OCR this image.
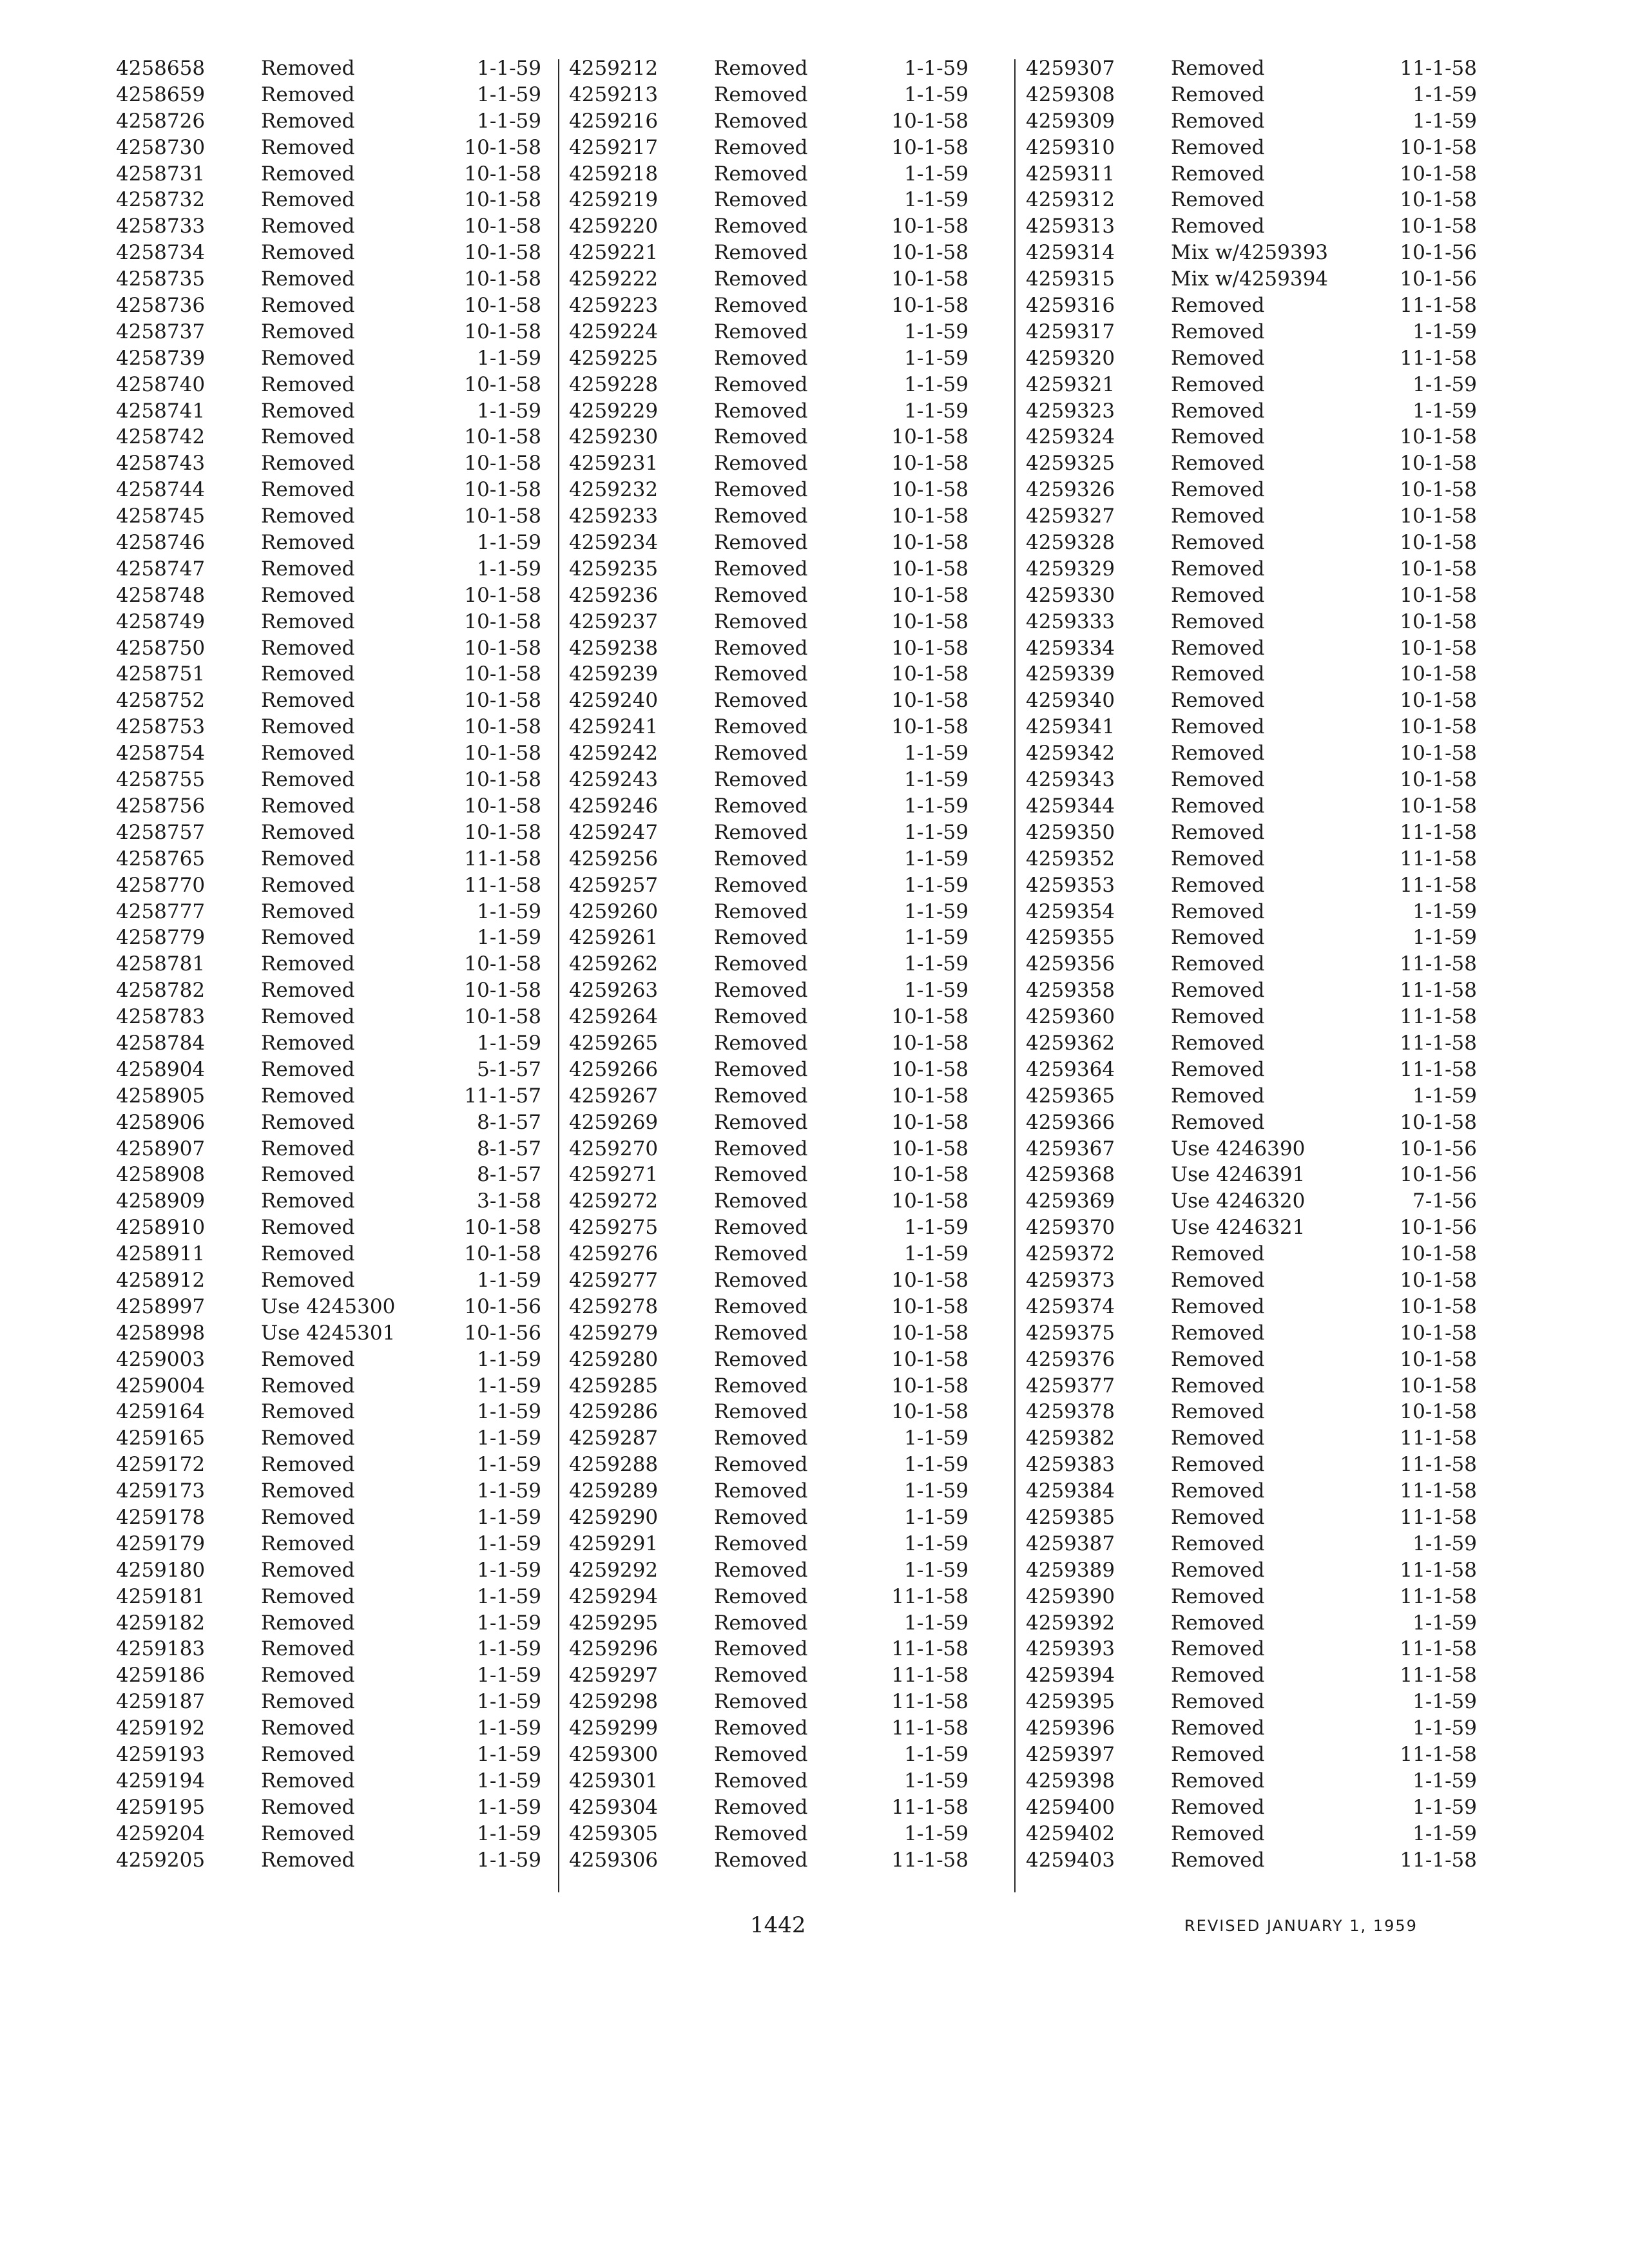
4258658	Removed	1-1-59
4258659	Removed	1-1-59
4258726	Removed	1-1-59
4258730	Removed	10-1-58
4258731	Removed	10-1-58
4258732	Removed	10-1-58
4258733	Removed	10-1-58
4258734	Removed	10-1-58
4258735	Removed	10-1-58
4258736	Removed	10-1-58
4258737	Removed	10-1-58
4258739	Removed	1-1-59
4258740	Removed	10-1-58
4258741	Removed	1-1-59
4258742	Removed	10-1-58
4258743	Removed	10-1-58
4258744	Removed	10-1-58
4258745	Removed	10-1-58
4258746	Removed	1-1-59
4258747	Removed	1-1-59
4258748	Removed	10-1-58
4258749	Removed	10-1-58
4258750	Removed	10-1-58
4258751	Removed	10-1-58
4258752	Removed	10-1-58
4258753	Removed	10-1-58
4258754	Removed	10-1-58
4258755	Removed	10-1-58
4258756	Removed	10-1-58
4258757	Removed	10-1-58
4258765	Removed	11-1-58
4258770	Removed	11-1-58
4258777	Removed	1-1-59
4258779	Removed	1-1-59
4258781	Removed	10-1-58
4258782	Removed	10-1-58
4258783	Removed	10-1-58
4258784	Removed	1-1-59
4258904	Removed	5-1-57
4258905	Removed	11-1-57
4258906	Removed	8-1-57
4258907	Removed	8-1-57
4258908	Removed	8-1-57
4258909	Removed	3-1-58
4258910	Removed	10-1-58
4258911	Removed	10-1-58
4258912	Removed	1-1-59
4258997	Use 4245300	10-1-56
4258998	Use 4245301	10-1-56
4259003	Removed	1-1-59
4259004	Removed	1-1-59
4259164	Removed	1-1-59
4259165	Removed	1-1-59
4259172	Removed	1-1-59
4259173	Removed	1-1-59
4259178	Removed	1-1-59
4259179	Removed	1-1-59
4259180	Removed	1-1-59
4259181	Removed	1-1-59
4259182	Removed	1-1-59
4259183	Removed	1-1-59
4259186	Removed	1-1-59
4259187	Removed	1-1-59
4259192	Removed	1-1-59
4259193	Removed	1-1-59
4259194	Removed	1-1-59
4259195	Removed	1-1-59
4259204	Removed	1-1-59
4259205	Removed	1-1-59
4259212	Removed	1-1-59
4259213	Removed	1-1-59
4259216	Removed	10-1-58
4259217	Removed	10-1-58
4259218	Removed	1-1-59
4259219	Removed	1-1-59
4259220	Removed	10-1-58
4259221	Removed	10-1-58
4259222	Removed	10-1-58
4259223	Removed	10-1-58
4259224	Removed	1-1-59
4259225	Removed	1-1-59
4259228	Removed	1-1-59
4259229	Removed	1-1-59
4259230	Removed	10-1-58
4259231	Removed	10-1-58
4259232	Removed	10-1-58
4259233	Removed	10-1-58
4259234	Removed	10-1-58
4259235	Removed	10-1-58
4259236	Removed	10-1-58
4259237	Removed	10-1-58
4259238	Removed	10-1-58
4259239	Removed	10-1-58
4259240	Removed	10-1-58
4259241	Removed	10-1-58
4259242	Removed	1-1-59
4259243	Removed	1-1-59
4259246	Removed	1-1-59
4259247	Removed	1-1-59
4259256	Removed	1-1-59
4259257	Removed	1-1-59
4259260	Removed	1-1-59
4259261	Removed	1-1-59
4259262	Removed	1-1-59
4259263	Removed	1-1-59
4259264	Removed	10-1-58
4259265	Removed	10-1-58
4259266	Removed	10-1-58
4259267	Removed	10-1-58
4259269	Removed	10-1-58
4259270	Removed	10-1-58
4259271	Removed	10-1-58
4259272	Removed	10-1-58
4259275	Removed	1-1-59
4259276	Removed	1-1-59
4259277	Removed	10-1-58
4259278	Removed	10-1-58
4259279	Removed	10-1-58
4259280	Removed	10-1-58
4259285	Removed	10-1-58
4259286	Removed	10-1-58
4259287	Removed	1-1-59
4259288	Removed	1-1-59
4259289	Removed	1-1-59
4259290	Removed	1-1-59
4259291	Removed	1-1-59
4259292	Removed	1-1-59
4259294	Removed	11-1-58
4259295	Removed	1-1-59
4259296	Removed	11-1-58
4259297	Removed	11-1-58
4259298	Removed	11-1-58
4259299	Removed	11-1-58
4259300	Removed	1-1-59
4259301	Removed	1-1-59
4259304	Removed	11-1-58
4259305	Removed	1-1-59
4259306	Removed	11-1-58
4259307	Removed	11-1-58
4259308	Removed	1-1-59
4259309	Removed	1-1-59
4259310	Removed	10-1-58
4259311	Removed	10-1-58
4259312	Removed	10-1-58
4259313	Removed	10-1-58
4259314	Mix w/4259393	10-1-56
4259315	Mix w/4259394	10-1-56
4259316	Removed	11-1-58
4259317	Removed	1-1-59
4259320	Removed	11-1-58
4259321	Removed	1-1-59
4259323	Removed	1-1-59
4259324	Removed	10-1-58
4259325	Removed	10-1-58
4259326	Removed	10-1-58
4259327	Removed	10-1-58
4259328	Removed	10-1-58
4259329	Removed	10-1-58
4259330	Removed	10-1-58
4259333	Removed	10-1-58
4259334	Removed	10-1-58
4259339	Removed	10-1-58
4259340	Removed	10-1-58
4259341	Removed	10-1-58
4259342	Removed	10-1-58
4259343	Removed	10-1-58
4259344	Removed	10-1-58
4259350	Removed	11-1-58
4259352	Removed	11-1-58
4259353	Removed	11-1-58
4259354	Removed	1-1-59
4259355	Removed	1-1-59
4259356	Removed	11-1-58
4259358	Removed	11-1-58
4259360	Removed	11-1-58
4259362	Removed	11-1-58
4259364	Removed	11-1-58
4259365	Removed	1-1-59
4259366	Removed	10-1-58
4259367	Use 4246390	10-1-56
4259368	Use 4246391	10-1-56
4259369	Use 4246320	7-1-56
4259370	Use 4246321	10-1-56
4259372	Removed	10-1-58
4259373	Removed	10-1-58
4259374	Removed	10-1-58
4259375	Removed	10-1-58
4259376	Removed	10-1-58
4259377	Removed	10-1-58
4259378	Removed	10-1-58
4259382	Removed	11-1-58
4259383	Removed	11-1-58
4259384	Removed	11-1-58
4259385	Removed	11-1-58
4259387	Removed	1-1-59
4259389	Removed	11-1-58
4259390	Removed	11-1-58
4259392	Removed	1-1-59
4259393	Removed	11-1-58
4259394	Removed	11-1-58
4259395	Removed	1-1-59
4259396	Removed	1-1-59
4259397	Removed	11-1-58
4259398	Removed	1-1-59
4259400	Removed	1-1-59
4259402	Removed	1-1-59
4259403	Removed	11-1-58
1442	REVISED JANUARY 1, 1959
